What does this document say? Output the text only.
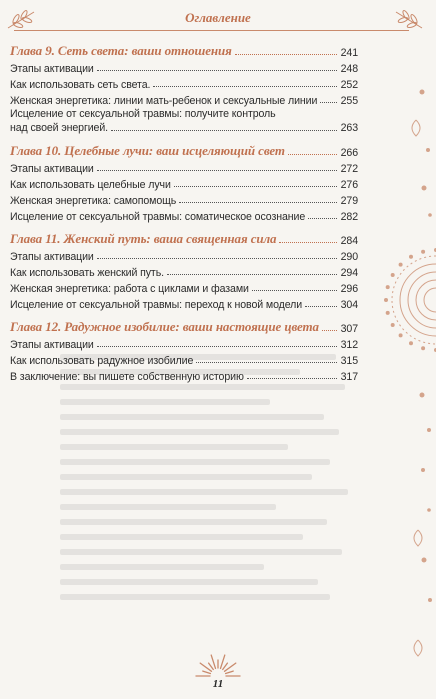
Оглавление
Глава 9. Сеть света: ваши отношения	241
Этапы активации	248
Как использовать сеть света.	252
Женская энергетика: линии мать-ребенок и сексуальные линии 255
Исцеление от сексуальной травмы: получите контроль
над своей энергией.	263
Глава 10. Целебные лучи: ваш исцеляющий свет	266
Этапы активации	272
Как использовать целебные лучи	276
Женская энергетика: самопомощь	279
Исцеление от сексуальной травмы: соматическое осознание	282
Глава 11. Женский путь: ваша священная сила	284
Этапы активации	290
Как использовать женский путь.	294
Женская энергетика: работа с циклами и фазами	296
Исцеление от сексуальной травмы: переход к новой модели	304
Глава 12. Радужное изобилие: ваши настоящие цвета 307
Этапы активации	312
Как использовать радужное изобилие	315
В заключение: вы пишете собственную историю	317
11
